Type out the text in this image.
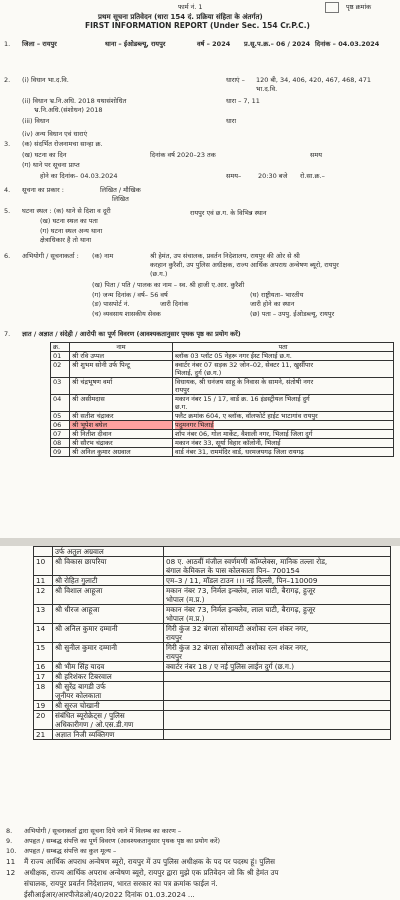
फार्म नं. 1	पृष्ठ क्रमांक
प्रथम सूचना प्रतिवेदन (धारा 154 दं. प्रक्रिया संहिता के अंतर्गत)
FIRST INFORMATION REPORT (Under Sec. 154 Cr.P.C.)
1. जिला – रायपुर	थाना – ईओडब्ल्यू, रायपुर	वर्ष – 2024 प्र.सू.प.क्र.– 06 / 2024 दिनांक – 04.03.2024
2. (i) विधान भा.द.वि.	धाराएं – 120 बी, 34, 406, 420, 467, 468, 471
भा.द.वि.
(ii) विधान भ्र.नि.अधि. 2018 यथासंशोधित
भ्र.नि.अधि.(संशोधन) 2018
धारा – 7, 11
(iii) विधान	धारा
(iv) अन्य विधान एवं धाराएं
3. (क) संदर्भित रोजनामचा सान्हा क्र.
(ख) घटना का दिन	दिनांक वर्ष 2020–23 तक	समय
(ग) थाने पर सूचना प्राप्त
होने का दिनांक– 04.03.2024	समय–	20:30 बजे रो.सा.क्र.–
4. सूचना का प्रकार :	लिखित / मौखिक
लिखित
5. घटना स्थल : (क) थाने से दिशा व दूरी	रायपुर एवं छ.ग. के विभिन्न स्थान
(ख) घटना स्थल का पता
(ग) घटना स्थल अन्य थाना
क्षेत्राधिकार है तो थाना
6. अभियोगी / सूचनाकर्ता : (क) नाम	श्री हेमंत, उप संचालक, प्रवर्तन निदेशालय, रायपुर की ओर से श्री
करहान कुरैशी, उप पुलिस अधीक्षक, राज्य आर्थिक अपराध अन्वेषण ब्यूरो, रायपुर
(छ.ग.)
(ख) पिता / पति / पालक का नाम – स्व. श्री हाजी ए.आर. कुरैशी
(ग) जन्म दिनांक / वर्ष– 56 वर्ष	(घ) राष्ट्रीयता– भारतीय
(ङ) पासपोर्ट नं.	जारी दिनांक	जारी होने का स्थान
(च) व्यवसाय शासकीय सेवक	(छ) पता – उपपु. ईओडब्ल्यू, रायपुर
7. ज्ञात / अज्ञात / संदेही / आरोपी का पूर्ण विवरण (आवश्यकतानुसार पृथक पृष्ठ का प्रयोग करें)
क्र.	नाम	पता
01	श्री रवि उप्पल	ब्लॉक 03 प्लॉट 05 नेहरू नगर ईस्ट भिलाई छ.ग.
02	श्री शुभम सोनी उर्फ पिन्टू	क्वार्टर नंबर 07 सड़क 32 जोन–02, सेक्टर 11, खुर्सीपार
भिलाई, दुर्ग (छ.ग.)
03	श्री चंद्रभूषण वर्मा	विधायक, श्री धनंजय साहू के निवास के सामने, संतोषी नगर
रायपुर
04	श्री असीमदास	मकान नंबर 15 / 17, वार्ड क्र. 16 इंडस्ट्रीयल भिलाई दुर्ग
छ.ग.
05	श्री सतीश चंद्राकर	फ्लैट क्रमांक 604, ए ब्लॉक, वॉलफोर्ट हाईट भाटागांव रायपुर
06	श्री भूपेश बघेल	पदुमनगर भिलाई
07	श्री नितीश दीवान	शॉप नंबर 06, गोल मार्केट, वैशाली नगर, भिलाई जिला दुर्ग
08	श्री सौरभ चंद्राकर	मकान नंबर 33, सूर्या विहार कॉलोनी, भिलाई
09	श्री अनिल कुमार अग्रवाल	वार्ड नंबर 31, राममंदिर वार्ड, धरमजयगढ़ जिला रायगढ़
	उर्फ अतुल अग्रवाल	
10	श्री विकास छापरिया	08 ए. आठवीं मंजील स्वर्णमणी कॉम्प्लेक्स, मानिक तल्ला रोड,
बंगाल केमिकल के पास कोलकाता पिन– 700154
11	श्री रोहित गुलाटी	एम–3 / 11, मॉडल टाउन ।।। नई दिल्ली, पिन–110009
12	श्री विशाल आहूजा	मकान नंबर 73, निर्मल इन्क्लेव, लाल घाटी, बैरागढ़, हुजूर
भोपाल (म.प्र.)
13	श्री धीरज आहूजा	मकान नंबर 73, निर्मल इन्क्लेव, लाल घाटी, बैरागढ़, हुजूर
भोपाल (म.प्र.)
14	श्री अनिल कुमार दम्मानी	गिरी कुंज 32 बंगला सोसायटी अशोका रत्न शंकर नगर,
रायपुर
15	श्री सुनील कुमार दम्मानी	गिरी कुंज 32 बंगला सोसायटी अशोका रत्न शंकर नगर,
रायपुर
16	श्री भीम सिंह यादव	क्वार्टर नंबर 18 / ए नई पुलिस लाईन दुर्ग (छ.ग.)
17	श्री हरिशंकर टिबरवाल	
18	श्री सुरेंद्र बागडी उर्फ
जूनीयर कोलकाता	
19	श्री सूरज चोखानी	
20	संबंधित ब्यूरोक्रेट्स / पुलिस
अधिकारीगण / ओ.एस.डी.गण	
21	अज्ञात निजी व्यक्तिगण	
8. अभियोगी / सूचनाकर्ता द्वारा सूचना दिये जाने में विलम्ब का कारण –
9. अपहृत / सम्बद्ध संपत्ति का पूर्ण विवरण (आवश्यकतानुसार पृथक पृष्ठ का प्रयोग करें)
10. अपहृत / सम्बद्ध संपत्ति का कुल मूल्य –
11 मैं राज्य आर्थिक अपराध अन्वेषण ब्यूरो, रायपुर में उप पुलिस अधीक्षक के पद पर पदस्थ हूं। पुलिस
12 अधीक्षक, राज्य आर्थिक अपराध अन्वेषण ब्यूरो, रायपुर द्वारा मुझे एक प्रतिवेदन जो कि श्री हेमंत उप
संचालक, रायपुर प्रवर्तन निदेशालय, भारत सरकार का पत्र क्रमांक फाईल नं.
ईसीआईआर/आरपीजेडओ/40/2022 दिनांक 01.03.2024 ...
